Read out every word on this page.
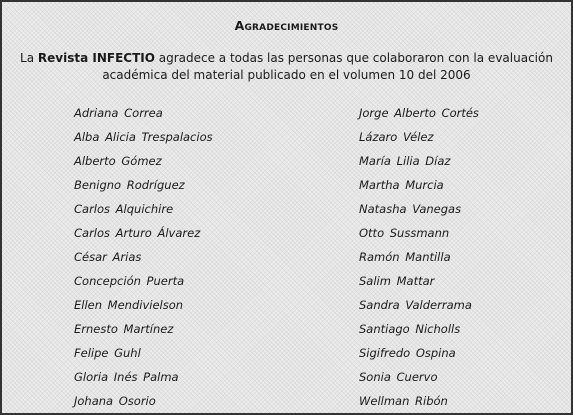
Agradecimientos
La Revista INFECTIO agradece a todas las personas que colaboraron con la evaluación académica del material publicado en el volumen 10 del 2006
Adriana Correa
Alba Alicia Trespalacios
Alberto Gómez
Benigno Rodríguez
Carlos Alquichire
Carlos Arturo Álvarez
César Arias
Concepción Puerta
Ellen Mendivielson
Ernesto Martínez
Felipe Guhl
Gloria Inés Palma
Johana Osorio
Jorge Alberto Cortés
Lázaro Vélez
María Lilia Díaz
Martha Murcia
Natasha Vanegas
Otto Sussmann
Ramón Mantilla
Salim Mattar
Sandra Valderrama
Santiago Nicholls
Sigifredo Ospina
Sonia Cuervo
Wellman Ribón
